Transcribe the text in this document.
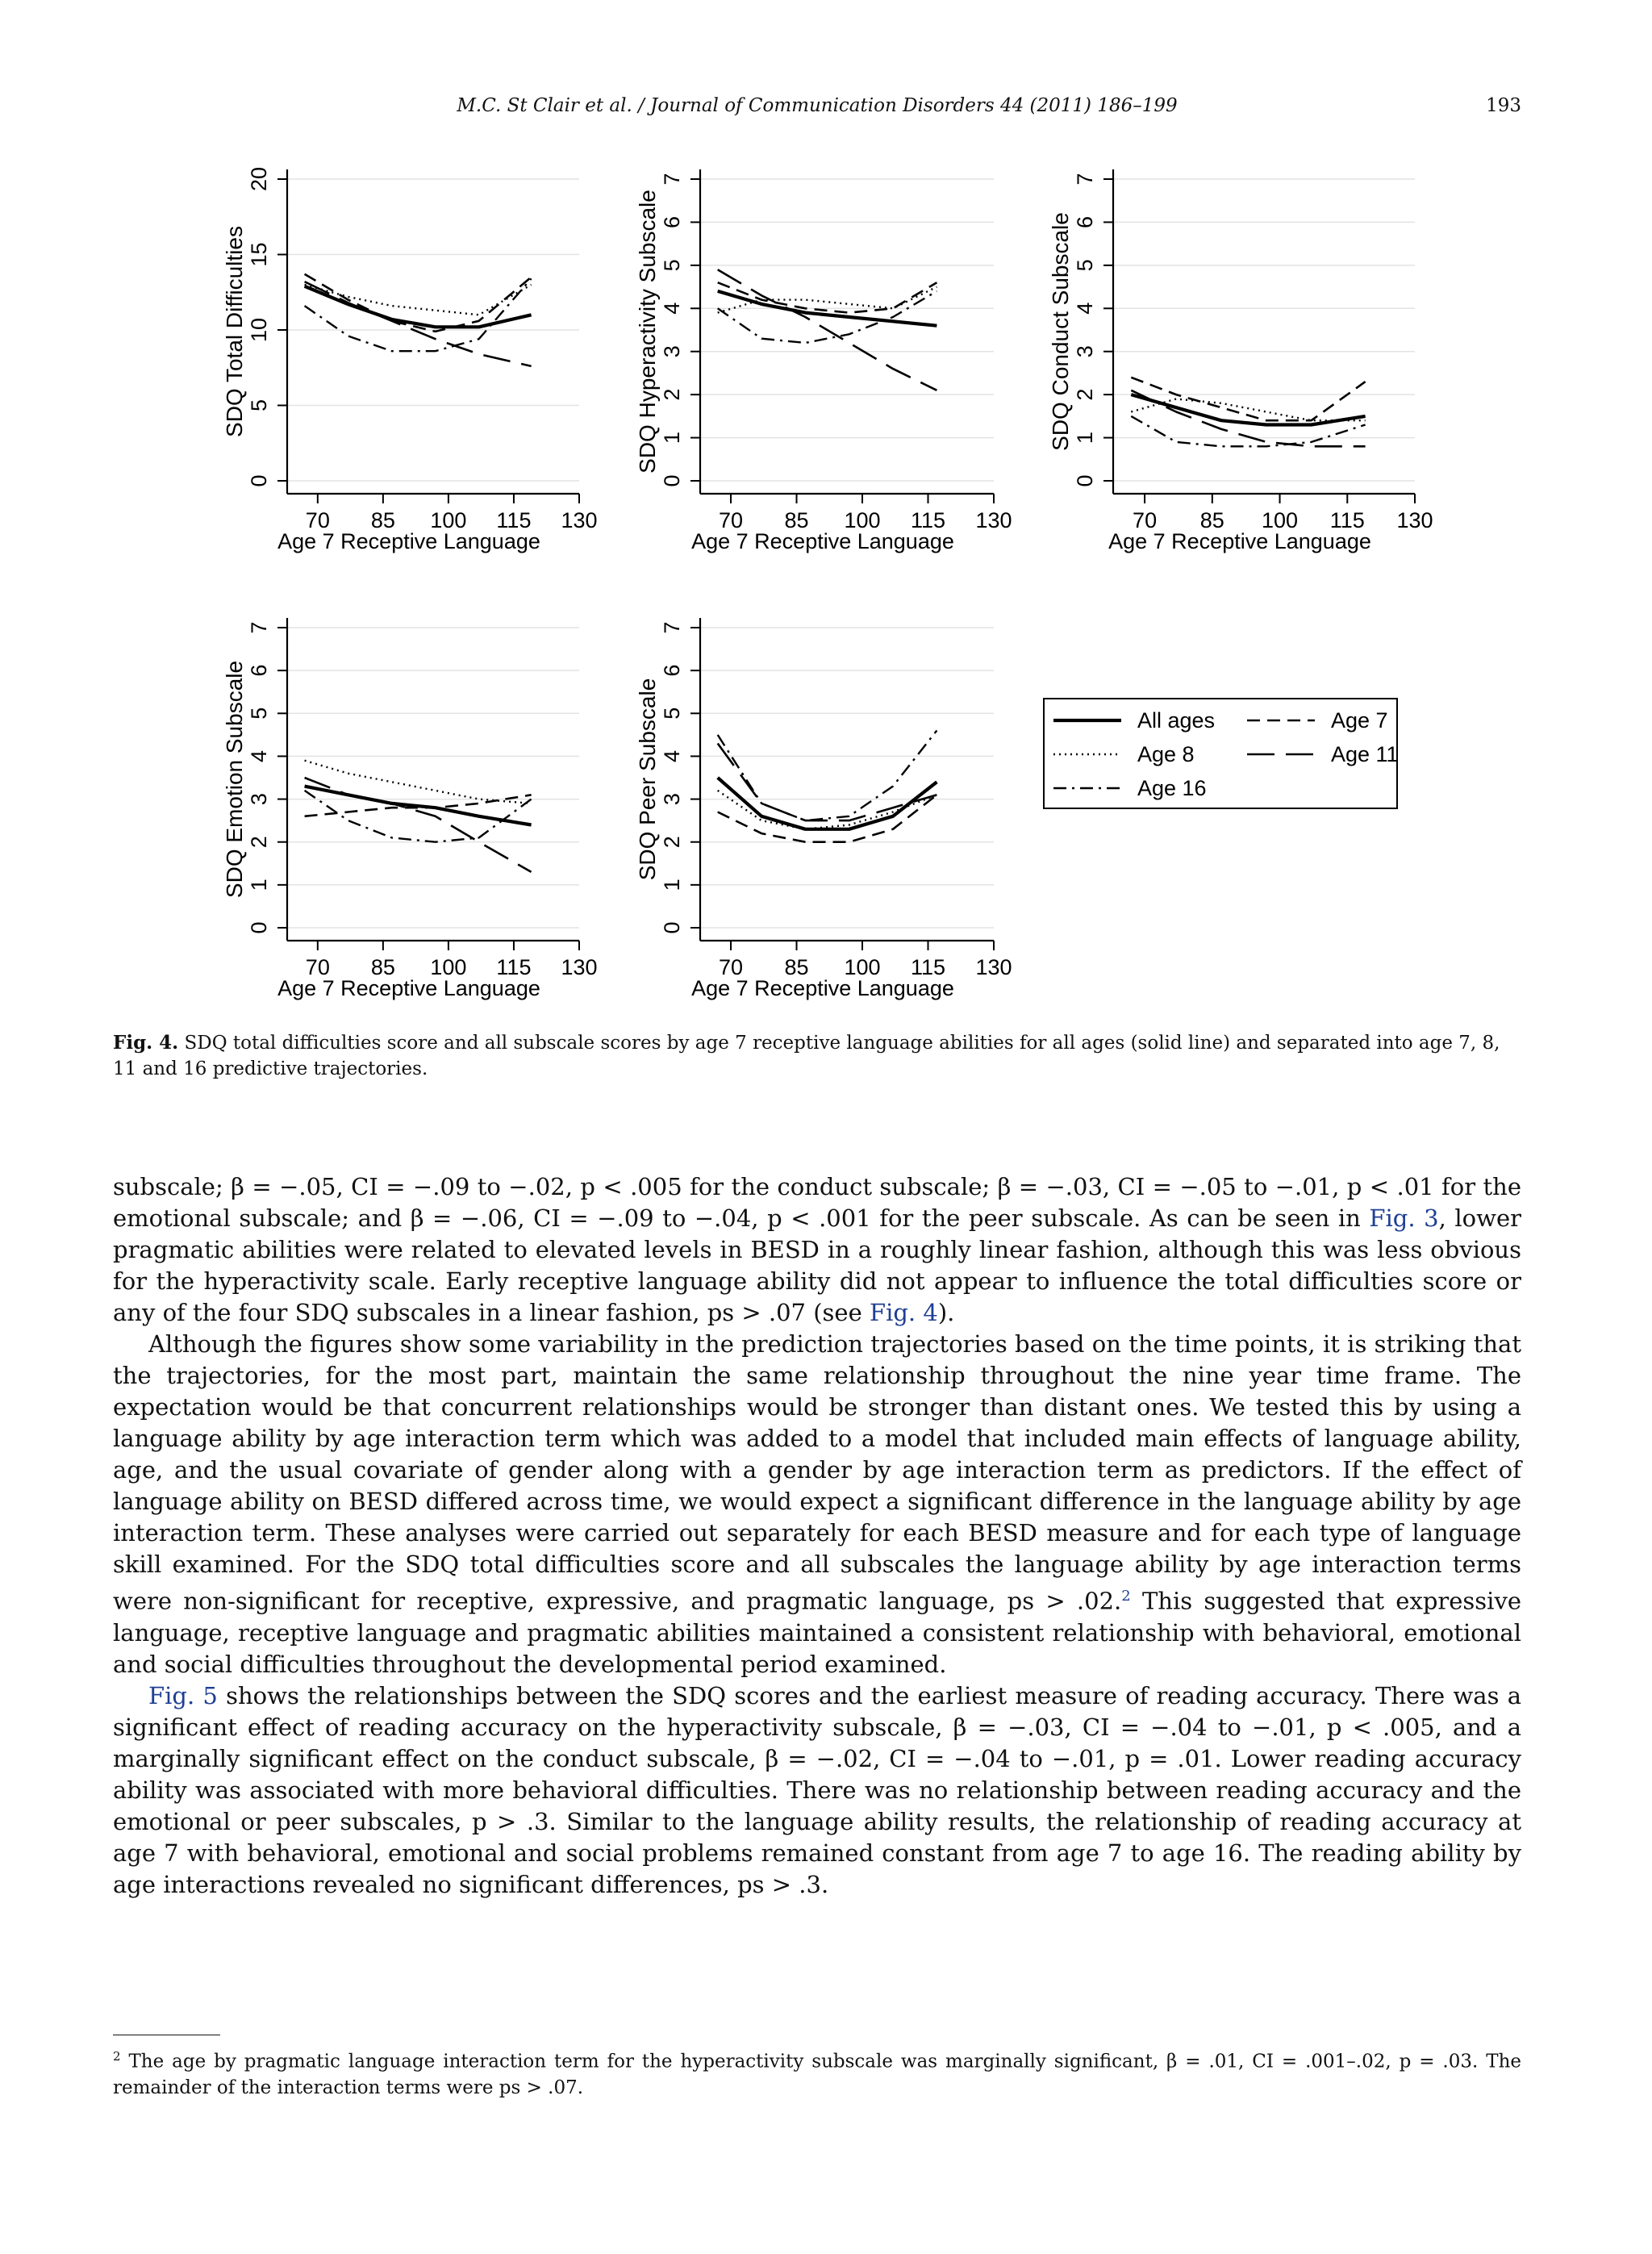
M.C. St Clair et al. / Journal of Communication Disorders 44 (2011) 186–199	193
0
5
10
15
20
70 85 100 115 130
Age 7 Receptive Language
SDQ Total Difficulties
0
1
2
3
4
5
6
7
70 85 100 115 130
Age 7 Receptive Language
SDQ Hyperactivity Subscale
0
1
2
3
4
5
6
7
70 85 100 115 130
Age 7 Receptive Language
SDQ Conduct Subscale
0
1
2
3
4
5
6
7
70 85 100 115 130
Age 7 Receptive Language
SDQ Emotion Subscale
0
1
2
3
4
5
6
7
70 85 100 115 130
Age 7 Receptive Language
SDQ Peer Subscale	All ages	Age 7
Age 8	Age 11
Age 16
Fig. 4. SDQ total difficulties score and all subscale scores by age 7 receptive language abilities for all ages (solid line) and separated into age 7, 8, 11 and 16 predictive trajectories.

subscale; β = −.05, CI = −.09 to −.02, p < .005 for the conduct subscale; β = −.03, CI = −.05 to −.01, p < .01 for the emotional subscale; and β = −.06, CI = −.09 to −.04, p < .001 for the peer subscale. As can be seen in Fig. 3, lower pragmatic abilities were related to elevated levels in BESD in a roughly linear fashion, although this was less obvious for the hyperactivity scale. Early receptive language ability did not appear to influence the total difficulties score or any of the four SDQ subscales in a linear fashion, ps > .07 (see Fig. 4).

Although the figures show some variability in the prediction trajectories based on the time points, it is striking that the trajectories, for the most part, maintain the same relationship throughout the nine year time frame. The expectation would be that concurrent relationships would be stronger than distant ones. We tested this by using a language ability by age interaction term which was added to a model that included main effects of language ability, age, and the usual covariate of gender along with a gender by age interaction term as predictors. If the effect of language ability on BESD differed across time, we would expect a significant difference in the language ability by age interaction term. These analyses were carried out separately for each BESD measure and for each type of language skill examined. For the SDQ total difficulties score and all subscales the language ability by age interaction terms were non-significant for receptive, expressive, and pragmatic language, ps > .02.$^2$ This suggested that expressive language, receptive language and pragmatic abilities maintained a consistent relationship with behavioral, emotional and social difficulties throughout the developmental period examined.

Fig. 5 shows the relationships between the SDQ scores and the earliest measure of reading accuracy. There was a significant effect of reading accuracy on the hyperactivity subscale, β = −.03, CI = −.04 to −.01, p < .005, and a marginally significant effect on the conduct subscale, β = −.02, CI = −.04 to −.01, p = .01. Lower reading accuracy ability was associated with more behavioral difficulties. There was no relationship between reading accuracy and the emotional or peer subscales, p > .3. Similar to the language ability results, the relationship of reading accuracy at age 7 with behavioral, emotional and social problems remained constant from age 7 to age 16. The reading ability by age interactions revealed no significant differences, ps > .3.

$^2$ The age by pragmatic language interaction term for the hyperactivity subscale was marginally significant, β = .01, CI = .001–.02, p = .03. The remainder of the interaction terms were ps > .07.
